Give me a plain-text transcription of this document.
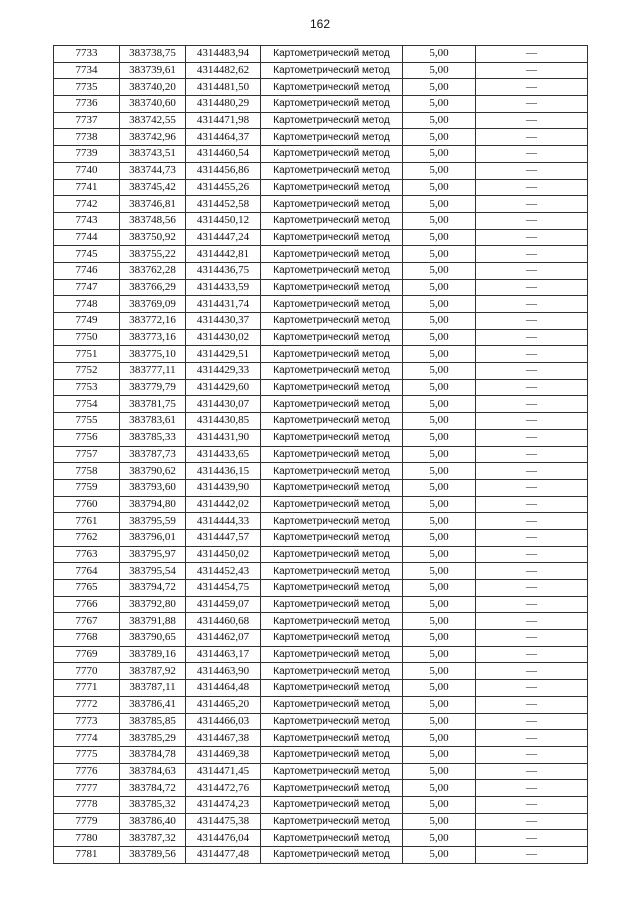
162
7733	383738,75	4314483,94	Картометрический метод	5,00	—
7734	383739,61	4314482,62	Картометрический метод	5,00	—
7735	383740,20	4314481,50	Картометрический метод	5,00	—
7736	383740,60	4314480,29	Картометрический метод	5,00	—
7737	383742,55	4314471,98	Картометрический метод	5,00	—
7738	383742,96	4314464,37	Картометрический метод	5,00	—
7739	383743,51	4314460,54	Картометрический метод	5,00	—
7740	383744,73	4314456,86	Картометрический метод	5,00	—
7741	383745,42	4314455,26	Картометрический метод	5,00	—
7742	383746,81	4314452,58	Картометрический метод	5,00	—
7743	383748,56	4314450,12	Картометрический метод	5,00	—
7744	383750,92	4314447,24	Картометрический метод	5,00	—
7745	383755,22	4314442,81	Картометрический метод	5,00	—
7746	383762,28	4314436,75	Картометрический метод	5,00	—
7747	383766,29	4314433,59	Картометрический метод	5,00	—
7748	383769,09	4314431,74	Картометрический метод	5,00	—
7749	383772,16	4314430,37	Картометрический метод	5,00	—
7750	383773,16	4314430,02	Картометрический метод	5,00	—
7751	383775,10	4314429,51	Картометрический метод	5,00	—
7752	383777,11	4314429,33	Картометрический метод	5,00	—
7753	383779,79	4314429,60	Картометрический метод	5,00	—
7754	383781,75	4314430,07	Картометрический метод	5,00	—
7755	383783,61	4314430,85	Картометрический метод	5,00	—
7756	383785,33	4314431,90	Картометрический метод	5,00	—
7757	383787,73	4314433,65	Картометрический метод	5,00	—
7758	383790,62	4314436,15	Картометрический метод	5,00	—
7759	383793,60	4314439,90	Картометрический метод	5,00	—
7760	383794,80	4314442,02	Картометрический метод	5,00	—
7761	383795,59	4314444,33	Картометрический метод	5,00	—
7762	383796,01	4314447,57	Картометрический метод	5,00	—
7763	383795,97	4314450,02	Картометрический метод	5,00	—
7764	383795,54	4314452,43	Картометрический метод	5,00	—
7765	383794,72	4314454,75	Картометрический метод	5,00	—
7766	383792,80	4314459,07	Картометрический метод	5,00	—
7767	383791,88	4314460,68	Картометрический метод	5,00	—
7768	383790,65	4314462,07	Картометрический метод	5,00	—
7769	383789,16	4314463,17	Картометрический метод	5,00	—
7770	383787,92	4314463,90	Картометрический метод	5,00	—
7771	383787,11	4314464,48	Картометрический метод	5,00	—
7772	383786,41	4314465,20	Картометрический метод	5,00	—
7773	383785,85	4314466,03	Картометрический метод	5,00	—
7774	383785,29	4314467,38	Картометрический метод	5,00	—
7775	383784,78	4314469,38	Картометрический метод	5,00	—
7776	383784,63	4314471,45	Картометрический метод	5,00	—
7777	383784,72	4314472,76	Картометрический метод	5,00	—
7778	383785,32	4314474,23	Картометрический метод	5,00	—
7779	383786,40	4314475,38	Картометрический метод	5,00	—
7780	383787,32	4314476,04	Картометрический метод	5,00	—
7781	383789,56	4314477,48	Картометрический метод	5,00	—
